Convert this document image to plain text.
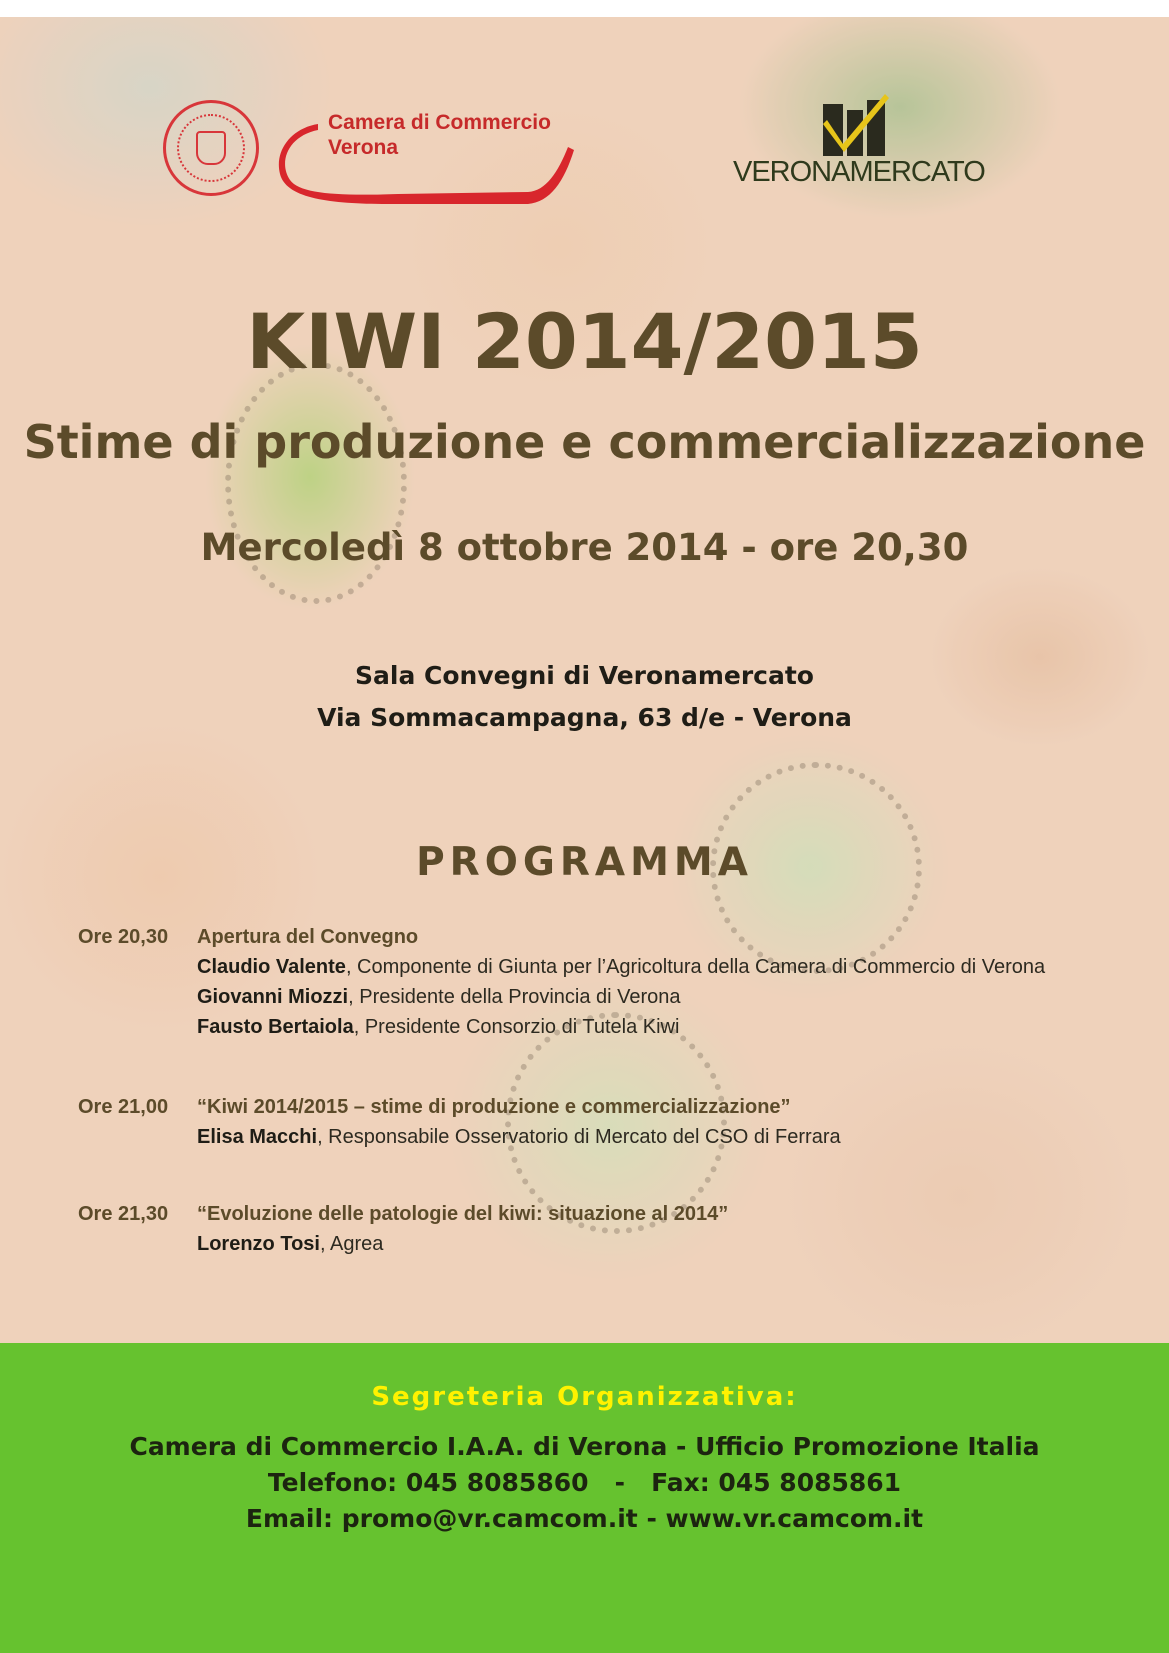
Camera di Commercio
Verona
VERONAMERCATO
KIWI 2014/2015
Stime di produzione e commercializzazione
Mercoledì 8 ottobre 2014 - ore 20,30
Sala Convegni di Veronamercato
Via Sommacampagna, 63 d/e - Verona
PROGRAMMA
Ore 20,30 Apertura del Convegno
Claudio Valente, Componente di Giunta per l’Agricoltura della Camera di Commercio di Verona
Giovanni Miozzi, Presidente della Provincia di Verona
Fausto Bertaiola, Presidente Consorzio di Tutela Kiwi
Ore 21,00 “Kiwi 2014/2015 – stime di produzione e commercializzazione”
Elisa Macchi, Responsabile Osservatorio di Mercato del CSO di Ferrara
Ore 21,30 “Evoluzione delle patologie del kiwi: situazione al 2014”
Lorenzo Tosi, Agrea
Segreteria Organizzativa:
Camera di Commercio I.A.A. di Verona - Ufficio Promozione Italia
Telefono: 045 8085860   -   Fax: 045 8085861
Email: promo@vr.camcom.it - www.vr.camcom.it
